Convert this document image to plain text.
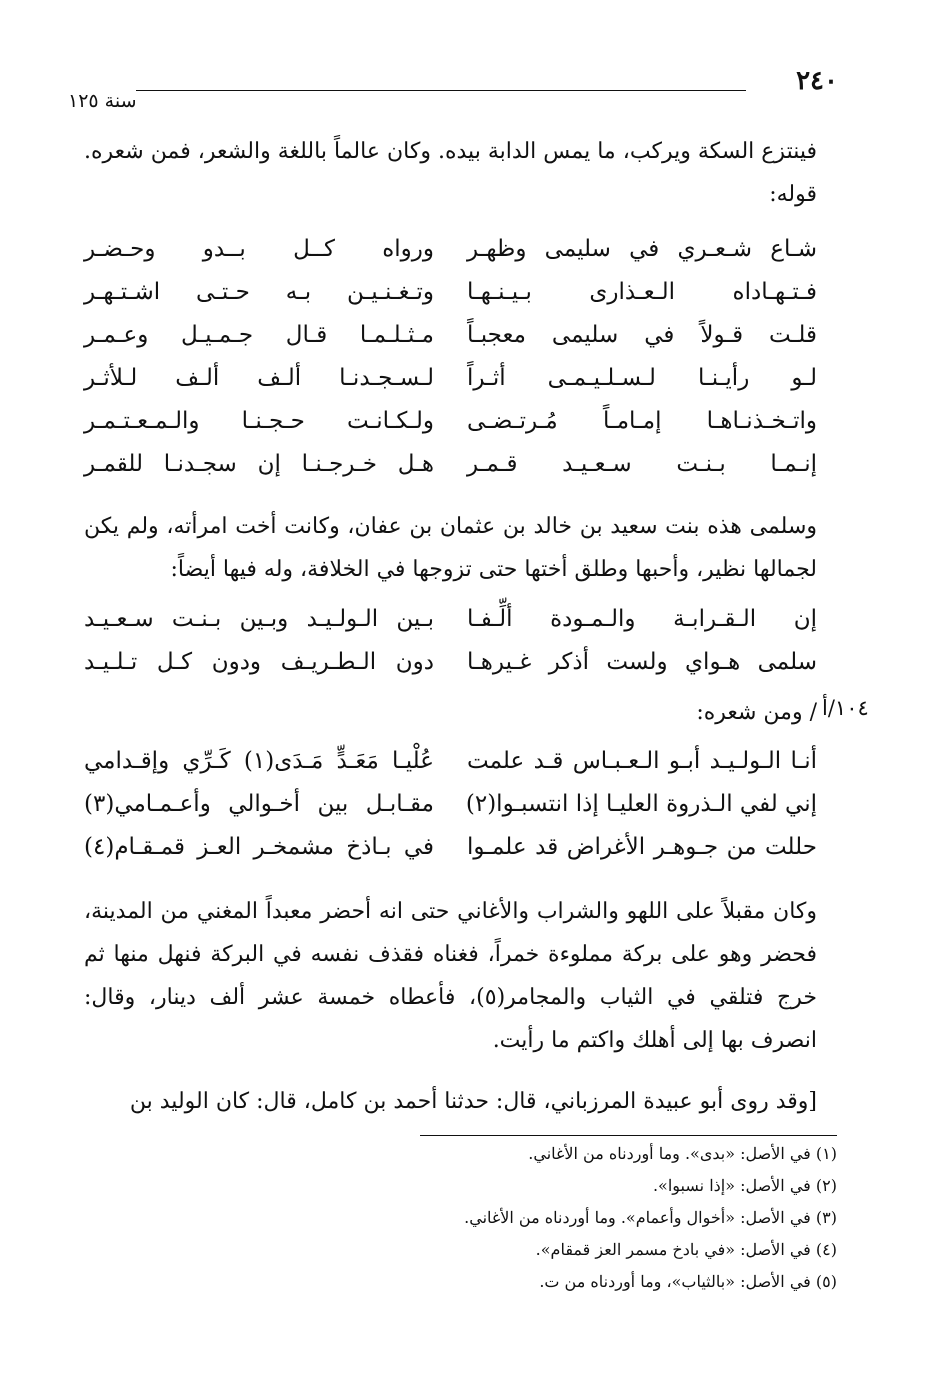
٢٤٠
سنة ١٢٥
فينتزع السكة ويركب، ما يمس الدابة بيده. وكان عالماً باللغة والشعر، فمن شعره. قوله:
شـاع شـعـري في سليمى وظهـر
ورواه كــل بــدو وحـضـر
فـتـهـاداه الـعـذارى بـيـنـهـا
وتـغـنـيـن بـه حـتـى اشـتـهـر
قلـت قـولاً في سليمى معجبـاً
مـثـلـمـا قـال جـمـيـل وعـمـر
لـو رأيـنـا لـسـلـيـمـى أثـراً
لـسـجـدنـا ألـف ألـف لـلأثـر
واتـخـذنـاهـا إمـامـاً مُـرتـضـى
ولـكـانـت حـجـنـا والـمـعـتـمـر
إنـمـا بـنـت سـعـيـد قـمـر
هـل خـرجـنـا إن سجـدنـا للقمـر
وسلمى هذه بنت سعيد بن خالد بن عثمان بن عفان، وكانت أخت امرأته، ولم يكن لجمالها نظير، وأحبها وطلق أختها حتى تزوجها في الخلافة، وله فيها أيضاً:
إن الـقـرابـة والـمـودة ألِّـفـا
بـين الـولـيـد وبـين بـنـت سـعـيـد
سلمى هـواي ولست أذكر غـيرهـا
دون الـطـريـف ودون كـل تـلـيـد
١٠٤/أ
/ ومن شعره:
أنـا الـولـيـد أبـو الـعـبـاس قـد علمت
عُلْيـا مَعَـدٍّ مَـدَى(١) كَـرِّي وإقـدامي
إني لفي الـذروة العليـا إذا انتسبـوا(٢)
مقـابـل بين أخـوالي وأعـمـامي(٣)
حللت من جـوهـر الأغراض قد علمـوا
في بـاذخ مشمخـر العـز قمـقـام(٤)
وكان مقبلاً على اللهو والشراب والأغاني حتى انه أحضر معبداً المغني من المدينة، فحضر وهو على بركة مملوءة خمراً، فغناه فقذف نفسه في البركة فنهل منها ثم خرج فتلقي في الثياب والمجامر(٥)، فأعطاه خمسة عشر ألف دينار، وقال: انصرف بها إلى أهلك واكتم ما رأيت.
[وقد روى أبو عبيدة المرزباني، قال: حدثنا أحمد بن كامل، قال: كان الوليد بن
(١) في الأصل: «بدى». وما أوردناه من الأغاني.
(٢) في الأصل: «إذا نسبوا».
(٣) في الأصل: «أخوال وأعمام». وما أوردناه من الأغاني.
(٤) في الأصل: «في بادخ مسمر العز قمقام».
(٥) في الأصل: «بالثياب»، وما أوردناه من ت.
